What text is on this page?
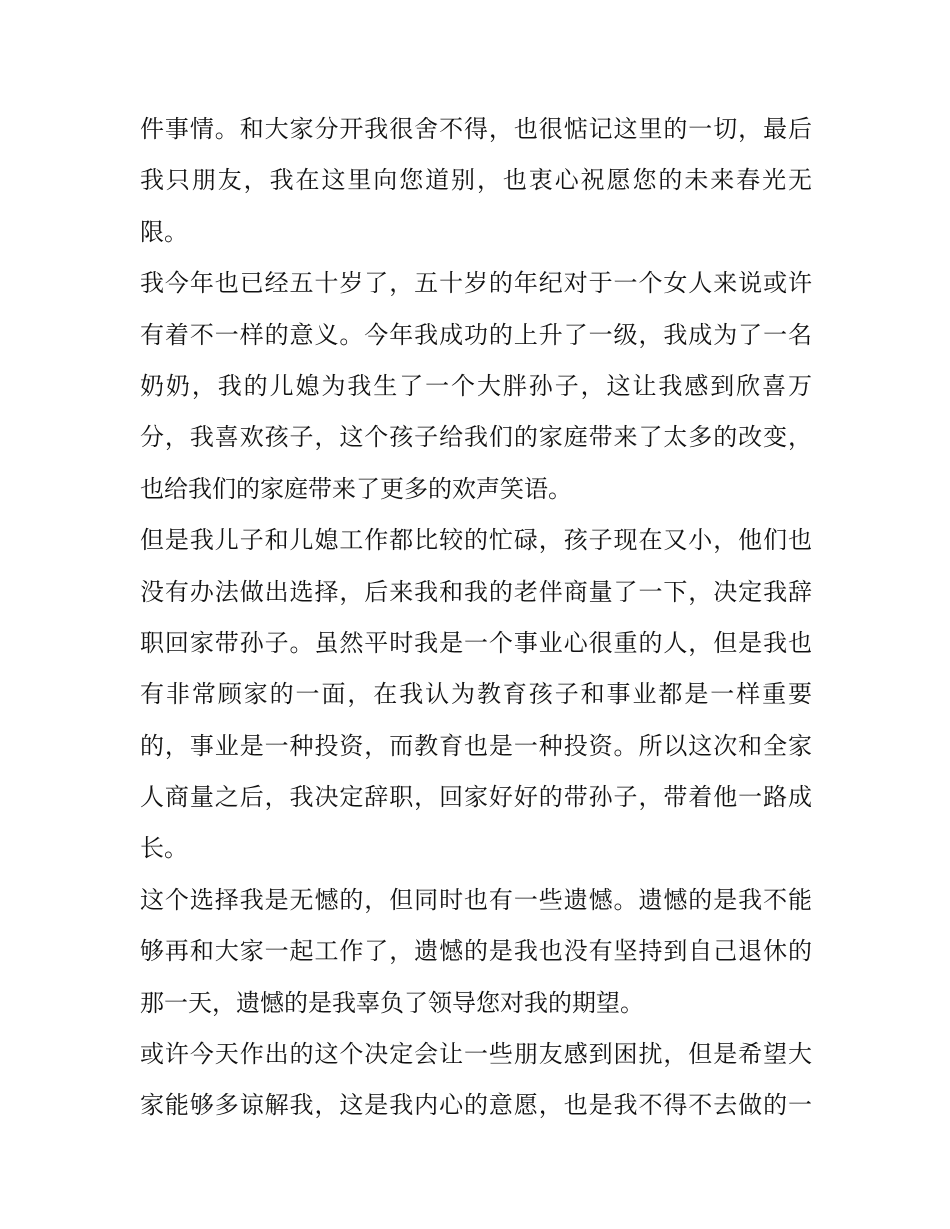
件事情。和大家分开我很舍不得，也很惦记这里的一切，最后
我只朋友，我在这里向您道别，也衷心祝愿您的未来春光无
限。
我今年也已经五十岁了，五十岁的年纪对于一个女人来说或许
有着不一样的意义。今年我成功的上升了一级，我成为了一名
奶奶，我的儿媳为我生了一个大胖孙子，这让我感到欣喜万
分，我喜欢孩子，这个孩子给我们的家庭带来了太多的改变，
也给我们的家庭带来了更多的欢声笑语。
但是我儿子和儿媳工作都比较的忙碌，孩子现在又小，他们也
没有办法做出选择，后来我和我的老伴商量了一下，决定我辞
职回家带孙子。虽然平时我是一个事业心很重的人，但是我也
有非常顾家的一面，在我认为教育孩子和事业都是一样重要
的，事业是一种投资，而教育也是一种投资。所以这次和全家
人商量之后，我决定辞职，回家好好的带孙子，带着他一路成
长。
这个选择我是无憾的，但同时也有一些遗憾。遗憾的是我不能
够再和大家一起工作了，遗憾的是我也没有坚持到自己退休的
那一天，遗憾的是我辜负了领导您对我的期望。
或许今天作出的这个决定会让一些朋友感到困扰，但是希望大
家能够多谅解我，这是我内心的意愿，也是我不得不去做的一
